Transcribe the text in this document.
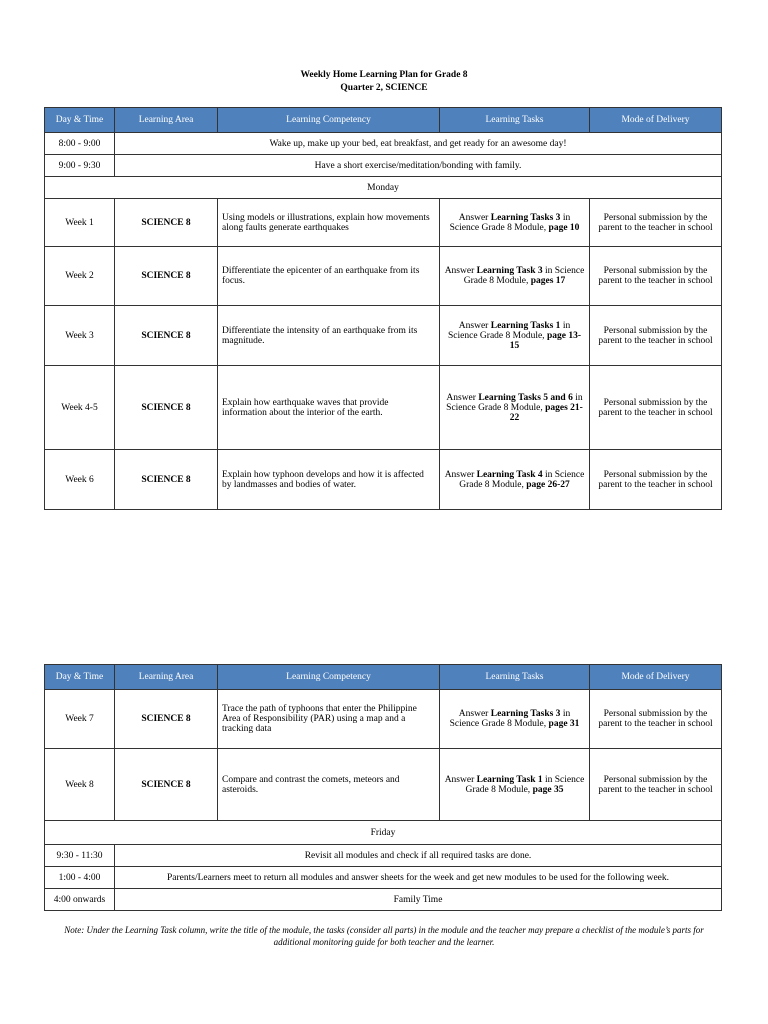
Weekly Home Learning Plan for Grade 8
Quarter 2, SCIENCE
Day & Time	Learning Area	Learning Competency	Learning Tasks	Mode of Delivery
8:00 - 9:00	Wake up, make up your bed, eat breakfast, and get ready for an awesome day!			
9:00 - 9:30	Have a short exercise/meditation/bonding with family.			
Monday				
Week 1	SCIENCE 8	Using models or illustrations, explain how movements along faults generate earthquakes	Answer Learning Tasks 3 in Science Grade 8 Module, page 10	Personal submission by the parent to the teacher in school
Week 2	SCIENCE 8	Differentiate the epicenter of an earthquake from its focus.	Answer Learning Task 3 in Science Grade 8 Module, pages 17	Personal submission by the parent to the teacher in school
Week 3	SCIENCE 8	Differentiate the intensity of an earthquake from its magnitude.	Answer Learning Tasks 1 in Science Grade 8 Module, page 13-15	Personal submission by the parent to the teacher in school
Week 4-5	SCIENCE 8	Explain how earthquake waves that provide information about the interior of the earth.	Answer Learning Tasks 5 and 6 in Science Grade 8 Module, pages 21-22	Personal submission by the parent to the teacher in school
Week 6	SCIENCE 8	Explain how typhoon develops and how it is affected by landmasses and bodies of water.	Answer Learning Task 4 in Science Grade 8 Module, page 26-27	Personal submission by the parent to the teacher in school
Day & Time	Learning Area	Learning Competency	Learning Tasks	Mode of Delivery
Week 7	SCIENCE 8	Trace the path of typhoons that enter the Philippine Area of Responsibility (PAR) using a map and a tracking data	Answer Learning Tasks 3 in Science Grade 8 Module, page 31	Personal submission by the parent to the teacher in school
Week 8	SCIENCE 8	Compare and contrast the comets, meteors and asteroids.	Answer Learning Task 1 in Science Grade 8 Module, page 35	Personal submission by the parent to the teacher in school
Friday				
9:30 - 11:30	Revisit all modules and check if all required tasks are done.			
1:00 - 4:00	Parents/Learners meet to return all modules and answer sheets for the week and get new modules to be used for the following week.			
4:00 onwards	Family Time			
Note: Under the Learning Task column, write the title of the module, the tasks (consider all parts) in the module and the teacher may prepare a checklist of the module’s parts for additional monitoring guide for both teacher and the learner.
